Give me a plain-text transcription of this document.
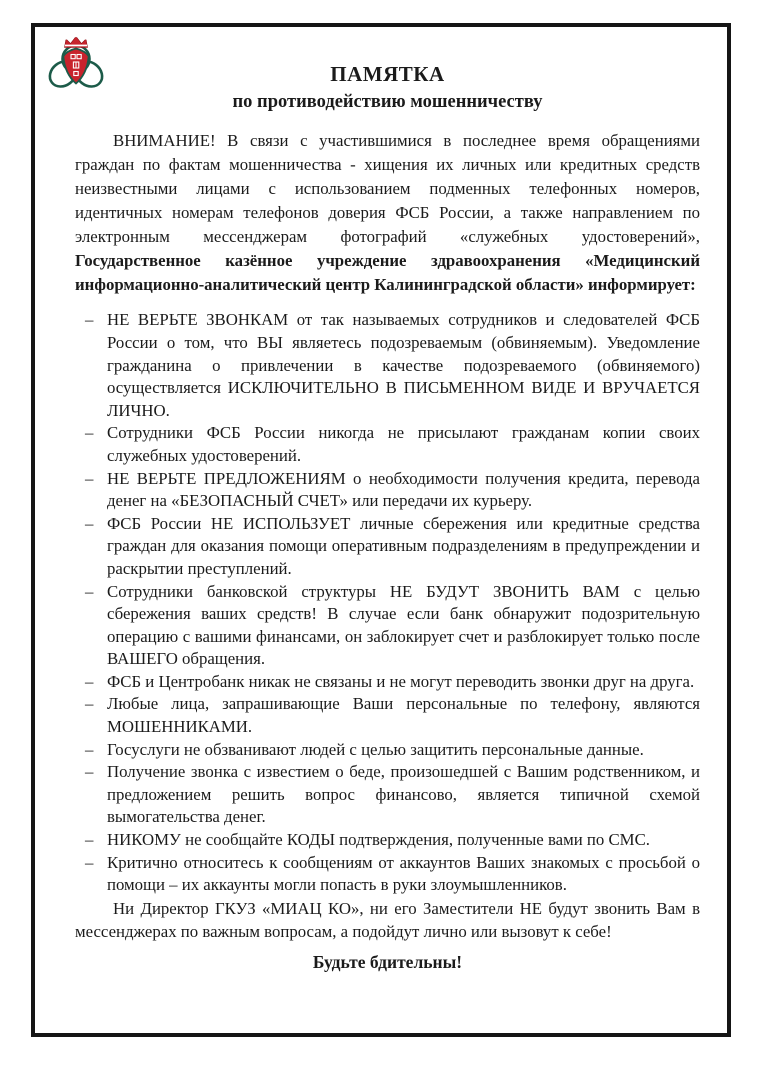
ПАМЯТКА
по противодействию мошенничеству

ВНИМАНИЕ! В связи с участившимися в последнее время обращениями граждан по фактам мошенничества - хищения их личных или кредитных средств неизвестными лицами с использованием подменных телефонных номеров, идентичных номерам телефонов доверия ФСБ России, а также направлением по электронным мессенджерам фотографий «служебных удостоверений», Государственное казённое учреждение здравоохранения «Медицинский информационно-аналитический центр Калининградской области» информирует:

– НЕ ВЕРЬТЕ ЗВОНКАМ от так называемых сотрудников и следователей ФСБ России о том, что ВЫ являетесь подозреваемым (обвиняемым). Уведомление гражданина о привлечении в качестве подозреваемого (обвиняемого) осуществляется ИСКЛЮЧИТЕЛЬНО В ПИСЬМЕННОМ ВИДЕ И ВРУЧАЕТСЯ ЛИЧНО.
– Сотрудники ФСБ России никогда не присылают гражданам копии своих служебных удостоверений.
– НЕ ВЕРЬТЕ ПРЕДЛОЖЕНИЯМ о необходимости получения кредита, перевода денег на «БЕЗОПАСНЫЙ СЧЕТ» или передачи их курьеру.
– ФСБ России НЕ ИСПОЛЬЗУЕТ личные сбережения или кредитные средства граждан для оказания помощи оперативным подразделениям в предупреждении и раскрытии преступлений.
– Сотрудники банковской структуры НЕ БУДУТ ЗВОНИТЬ ВАМ с целью сбережения ваших средств! В случае если банк обнаружит подозрительную операцию с вашими финансами, он заблокирует счет и разблокирует только после ВАШЕГО обращения.
– ФСБ и Центробанк никак не связаны и не могут переводить звонки друг на друга.
– Любые лица, запрашивающие Ваши персональные по телефону, являются МОШЕННИКАМИ.
– Госуслуги не обзванивают людей с целью защитить персональные данные.
– Получение звонка с известием о беде, произошедшей с Вашим родственником, и предложением решить вопрос финансово, является типичной схемой вымогательства денег.
– НИКОМУ не сообщайте КОДЫ подтверждения, полученные вами по СМС.
– Критично относитесь к сообщениям от аккаунтов Ваших знакомых с просьбой о помощи – их аккаунты могли попасть в руки злоумышленников.

Ни Директор ГКУЗ «МИАЦ КО», ни его Заместители НЕ будут звонить Вам в мессенджерах по важным вопросам, а подойдут лично или вызовут к себе!

Будьте бдительны!
